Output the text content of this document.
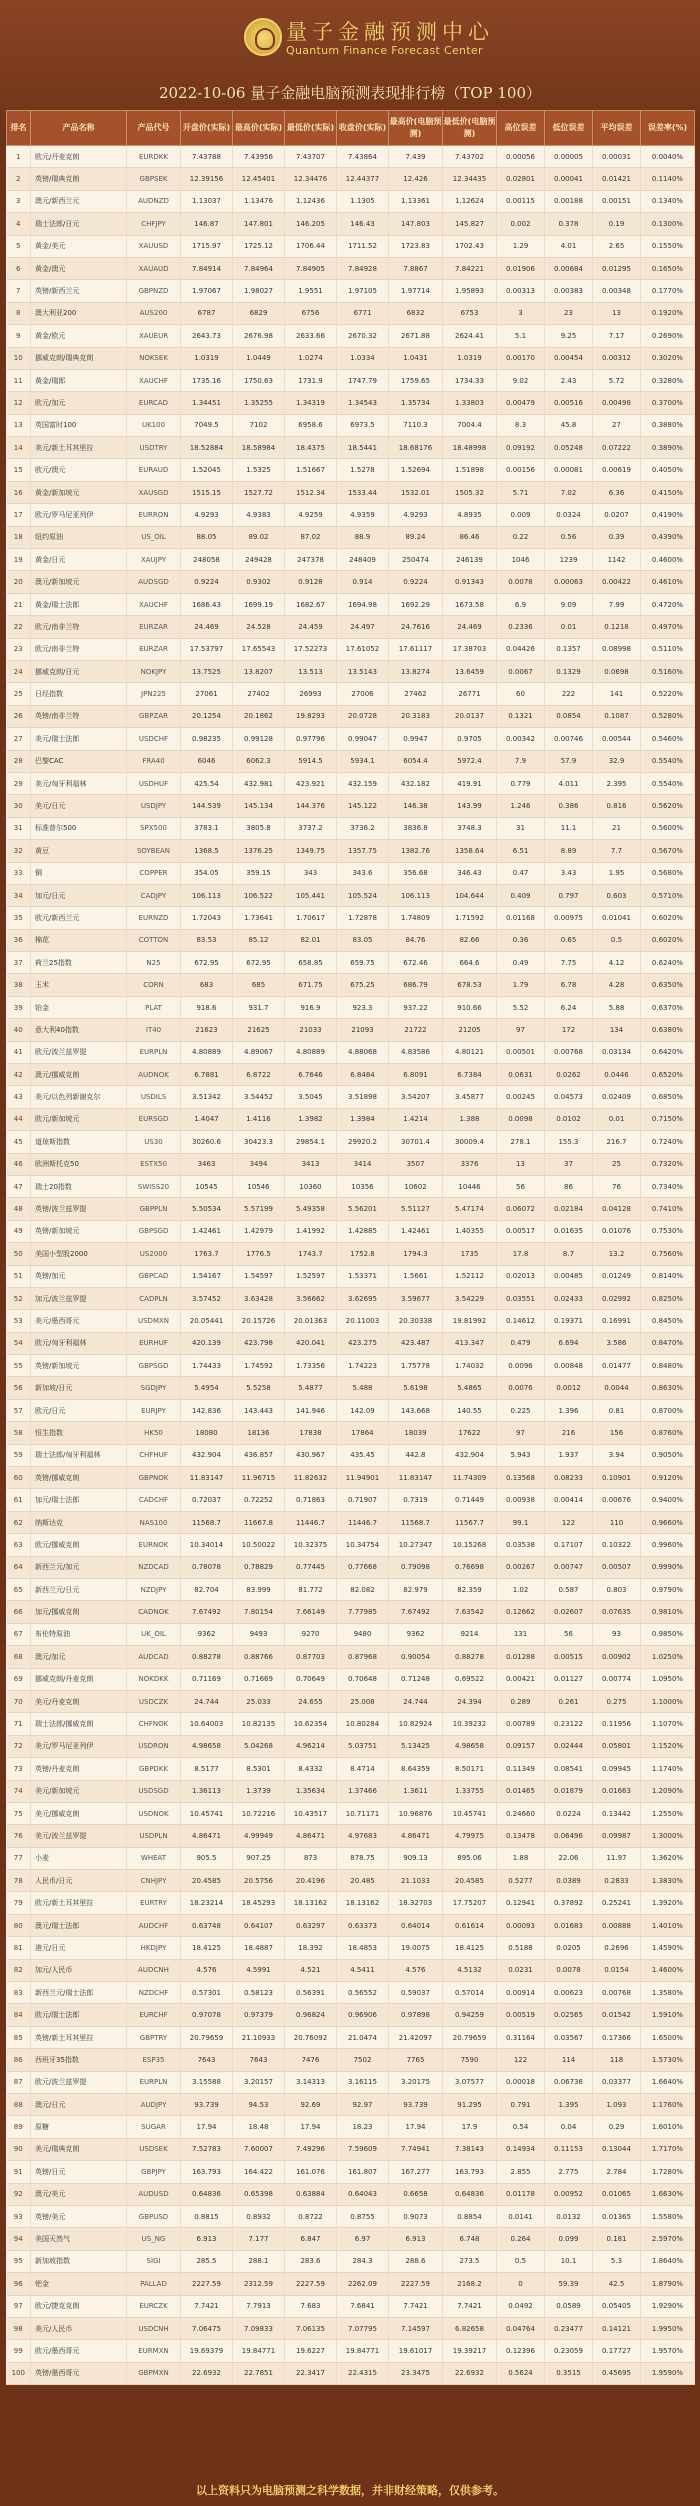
量子金融预测中心
Quantum Finance Forecast Center
2022-10-06 量子金融电脑预测表现排行榜（TOP 100）
排名	产品名称	产品代号	开盘价(实际)	最高价(实际)	最低价(实际)	收盘价(实际)	最高价(电脑预测)	最低价(电脑预测)	高位误差	低位误差	平均误差	误差率(%)
1	欧元/丹麦克朗	EURDKK	7.43788	7.43956	7.43707	7.43864	7.439	7.43702	0.00056	0.00005	0.00031	0.0040%
2	英镑/瑞典克朗	GBPSEK	12.39156	12.45401	12.34476	12.44377	12.426	12.34435	0.02801	0.00041	0.01421	0.1140%
3	澳元/新西兰元	AUDNZD	1.13037	1.13476	1.12436	1.1305	1.13361	1.12624	0.00115	0.00188	0.00151	0.1340%
4	瑞士法郎/日元	CHFJPY	146.87	147.801	146.205	146.43	147.803	145.827	0.002	0.378	0.19	0.1300%
5	黄金/美元	XAUUSD	1715.97	1725.12	1706.44	1711.52	1723.83	1702.43	1.29	4.01	2.65	0.1550%
6	黄金/澳元	XAUAUD	7.84914	7.84964	7.84905	7.84928	7.8867	7.84221	0.01906	0.00684	0.01295	0.1650%
7	英镑/新西兰元	GBPNZD	1.97067	1.98027	1.9551	1.97105	1.97714	1.95893	0.00313	0.00383	0.00348	0.1770%
8	澳大利亚200	AUS200	6787	6829	6756	6771	6832	6753	3	23	13	0.1920%
9	黄金/欧元	XAUEUR	2643.73	2676.98	2633.66	2670.32	2671.88	2624.41	5.1	9.25	7.17	0.2690%
10	挪威克朗/瑞典克朗	NOKSEK	1.0319	1.0449	1.0274	1.0334	1.0431	1.0319	0.00170	0.00454	0.00312	0.3020%
11	黄金/瑞郎	XAUCHF	1735.16	1750.63	1731.9	1747.79	1759.65	1734.33	9.02	2.43	5.72	0.3280%
12	欧元/加元	EURCAD	1.34451	1.35255	1.34319	1.34543	1.35734	1.33803	0.00479	0.00516	0.00498	0.3700%
13	英国富时100	UK100	7049.5	7102	6958.6	6973.5	7110.3	7004.4	8.3	45.8	27	0.3880%
14	美元/新土耳其里拉	USDTRY	18.52884	18.58984	18.4375	18.5441	18.68176	18.48998	0.09192	0.05248	0.07222	0.3890%
15	欧元/澳元	EURAUD	1.52045	1.5325	1.51667	1.5278	1.52694	1.51898	0.00156	0.00081	0.00619	0.4050%
16	黄金/新加坡元	XAUSGD	1515.15	1527.72	1512.34	1533.44	1532.01	1505.32	5.71	7.02	6.36	0.4150%
17	欧元/罗马尼亚列伊	EURRON	4.9293	4.9383	4.9259	4.9359	4.9293	4.8935	0.009	0.0324	0.0207	0.4190%
18	纽约原油	US_OIL	88.05	89.02	87.02	88.9	89.24	86.46	0.22	0.56	0.39	0.4390%
19	黄金/日元	XAUJPY	248058	249428	247378	248409	250474	246139	1046	1239	1142	0.4600%
20	澳元/新加坡元	AUDSGD	0.9224	0.9302	0.9128	0.914	0.9224	0.91343	0.0078	0.00063	0.00422	0.4610%
21	黄金/瑞士法郎	XAUCHF	1686.43	1699.19	1682.67	1694.98	1692.29	1673.58	6.9	9.09	7.99	0.4720%
22	欧元/南非兰特	EURZAR	24.469	24.528	24.459	24.497	24.7616	24.469	0.2336	0.01	0.1218	0.4970%
23	欧元/南非兰特	EURZAR	17.53797	17.65543	17.52273	17.61052	17.61117	17.38703	0.04426	0.1357	0.08998	0.5110%
24	挪威克朗/日元	NOKJPY	13.7525	13.8207	13.513	13.5143	13.8274	13.6459	0.0067	0.1329	0.0698	0.5160%
25	日经指数	JPN225	27061	27402	26993	27006	27462	26771	60	222	141	0.5220%
26	英镑/南非兰特	GBPZAR	20.1254	20.1862	19.8293	20.0728	20.3183	20.0137	0.1321	0.0854	0.1087	0.5280%
27	美元/瑞士法郎	USDCHF	0.98235	0.99128	0.97796	0.99047	0.9947	0.9705	0.00342	0.00746	0.00544	0.5460%
28	巴黎CAC	FRA40	6046	6062.3	5914.5	5934.1	6054.4	5972.4	7.9	57.9	32.9	0.5540%
29	美元/匈牙利福林	USDHUF	425.54	432.981	423.921	432.159	432.182	419.91	0.779	4.011	2.395	0.5540%
30	美元/日元	USDJPY	144.539	145.134	144.376	145.122	146.38	143.99	1.246	0.386	0.816	0.5620%
31	标准普尔500	SPX500	3783.1	3805.8	3737.2	3736.2	3836.8	3748.3	31	11.1	21	0.5600%
32	黄豆	SOYBEAN	1368.5	1376.25	1349.75	1357.75	1382.76	1358.64	6.51	8.89	7.7	0.5670%
33	铜	COPPER	354.05	359.15	343	343.6	356.68	346.43	0.47	3.43	1.95	0.5680%
34	加元/日元	CADJPY	106.113	106.522	105.441	105.524	106.113	104.644	0.409	0.797	0.603	0.5710%
35	欧元/新西兰元	EURNZD	1.72043	1.73641	1.70617	1.72878	1.74809	1.71592	0.01168	0.00975	0.01041	0.6020%
36	棉花	COTTON	83.53	85.12	82.01	83.05	84.76	82.66	0.36	0.65	0.5	0.6020%
37	荷兰25指数	N25	672.95	672.95	658.85	659.75	672.46	664.6	0.49	7.75	4.12	0.6240%
38	玉米	CORN	683	685	671.75	675.25	686.79	678.53	1.79	6.78	4.28	0.6350%
39	铂金	PLAT	918.6	931.7	916.9	923.3	937.22	910.66	5.52	6.24	5.88	0.6370%
40	意大利40指数	IT40	21623	21625	21033	21093	21722	21205	97	172	134	0.6380%
41	欧元/波兰兹罗提	EURPLN	4.80889	4.89067	4.80889	4.88068	4.83586	4.80121	0.00501	0.00768	0.03134	0.6420%
42	澳元/挪威克朗	AUDNOK	6.7881	6.8722	6.7646	6.8484	6.8091	6.7384	0.0631	0.0262	0.0446	0.6520%
43	美元/以色列新谢克尔	USDILS	3.51342	3.54452	3.5045	3.51898	3.54207	3.45877	0.00245	0.04573	0.02409	0.6850%
44	欧元/新加坡元	EURSGD	1.4047	1.4116	1.3982	1.3984	1.4214	1.388	0.0098	0.0102	0.01	0.7150%
45	道琼斯指数	US30	30260.6	30423.3	29854.1	29920.2	30701.4	30009.4	278.1	155.3	216.7	0.7240%
46	欧洲斯托克50	ESTX50	3463	3494	3413	3414	3507	3376	13	37	25	0.7320%
47	瑞士20指数	SWISS20	10545	10546	10360	10356	10602	10446	56	86	76	0.7340%
48	英镑/波兰兹罗提	GBPPLN	5.50534	5.57199	5.49358	5.56201	5.51127	5.47174	0.06072	0.02184	0.04128	0.7410%
49	英镑/新加坡元	GBPSGD	1.42461	1.42979	1.41992	1.42885	1.42461	1.40355	0.00517	0.01635	0.01076	0.7530%
50	美国小型股2000	US2000	1763.7	1776.5	1743.7	1752.8	1794.3	1735	17.8	8.7	13.2	0.7560%
51	英镑/加元	GBPCAD	1.54167	1.54597	1.52597	1.53371	1.5661	1.52112	0.02013	0.00485	0.01249	0.8140%
52	加元/波兰兹罗提	CADPLN	3.57452	3.63428	3.56662	3.62695	3.59677	3.54229	0.03551	0.02433	0.02992	0.8250%
53	美元/墨西哥元	USDMXN	20.05441	20.15726	20.01363	20.11003	20.30338	19.81992	0.14612	0.19371	0.16991	0.8450%
54	欧元/匈牙利福林	EURHUF	420.139	423.798	420.041	423.275	423.487	413.347	0.479	6.694	3.586	0.8470%
55	英镑/新加坡元	GBPSGD	1.74433	1.74592	1.73356	1.74223	1.75778	1.74032	0.0096	0.00848	0.01477	0.8480%
56	新加坡/日元	SGDJPY	5.4954	5.5258	5.4877	5.488	5.6198	5.4865	0.0076	0.0012	0.0044	0.8630%
57	欧元/日元	EURJPY	142.836	143.443	141.946	142.09	143.668	140.55	0.225	1.396	0.81	0.8700%
58	恒生指数	HK50	18080	18136	17838	17864	18039	17622	97	216	156	0.8760%
59	瑞士法郎/匈牙利福林	CHFHUF	432.904	436.857	430.967	435.45	442.8	432.904	5.943	1.937	3.94	0.9050%
60	英镑/挪威克朗	GBPNOK	11.83147	11.96715	11.82632	11.94901	11.83147	11.74309	0.13568	0.08233	0.10901	0.9120%
61	加元/瑞士法郎	CADCHF	0.72037	0.72252	0.71863	0.71907	0.7319	0.71449	0.00938	0.00414	0.00676	0.9400%
62	纳斯达克	NAS100	11568.7	11667.8	11446.7	11446.7	11568.7	11567.7	99.1	122	110	0.9660%
63	欧元/挪威克朗	EURNOK	10.34014	10.50022	10.32375	10.34754	10.27347	10.15268	0.03538	0.17107	0.10322	0.9960%
64	新西兰元/加元	NZDCAD	0.78078	0.78829	0.77445	0.77668	0.79098	0.76698	0.00267	0.00747	0.00507	0.9990%
65	新西兰元/日元	NZDJPY	82.704	83.999	81.772	82.082	82.979	82.359	1.02	0.587	0.803	0.9790%
66	加元/挪威克朗	CADNOK	7.67492	7.80154	7.66149	7.77985	7.67492	7.63542	0.12662	0.02607	0.07635	0.9810%
67	布伦特原油	UK_OIL	9362	9493	9270	9480	9362	9214	131	56	93	0.9850%
68	澳元/加元	AUDCAD	0.88278	0.88766	0.87703	0.87968	0.90054	0.88278	0.01288	0.00515	0.00902	1.0250%
69	挪威克朗/丹麦克朗	NOKDKK	0.71169	0.71669	0.70649	0.70648	0.71248	0.69522	0.00421	0.01127	0.00774	1.0950%
70	美元/丹麦克朗	USDCZK	24.744	25.033	24.655	25.008	24.744	24.394	0.289	0.261	0.275	1.1000%
71	瑞士法郎/挪威克朗	CHFNOK	10.64003	10.82135	10.62354	10.80284	10.82924	10.39232	0.00789	0.23122	0.11956	1.1070%
72	美元/罗马尼亚列伊	USDRON	4.98658	5.04268	4.96214	5.03751	5.13425	4.98658	0.09157	0.02444	0.05801	1.1520%
73	英镑/丹麦克朗	GBPDKK	8.5177	8.5301	8.4332	8.4714	8.64359	8.50171	0.11349	0.08541	0.09945	1.1740%
74	美元/新加坡元	USDSGD	1.36113	1.3739	1.35634	1.37466	1.3611	1.33755	0.01465	0.01879	0.01663	1.2090%
75	美元/挪威克朗	USDNOK	10.45741	10.72216	10.43517	10.71171	10.96876	10.45741	0.24660	0.0224	0.13442	1.2550%
76	美元/波兰兹罗提	USDPLN	4.86471	4.99949	4.86471	4.97683	4.86471	4.79975	0.13478	0.06496	0.09987	1.3000%
77	小麦	WHEAT	905.5	907.25	873	878.75	909.13	895.06	1.88	22.06	11.97	1.3620%
78	人民币/日元	CNHJPY	20.4585	20.5756	20.4196	20.485	21.1033	20.4585	0.5277	0.0389	0.2833	1.3830%
79	欧元/新土耳其里拉	EURTRY	18.23214	18.45293	18.13162	18.13162	18.32703	17.75207	0.12941	0.37892	0.25241	1.3920%
80	澳元/瑞士法郎	AUDCHF	0.63748	0.64107	0.63297	0.63373	0.64014	0.61614	0.00093	0.01683	0.00888	1.4010%
81	港元/日元	HKDJPY	18.4125	18.4887	18.392	18.4853	19.0075	18.4125	0.5188	0.0205	0.2696	1.4590%
82	加元/人民币	AUDCNH	4.576	4.5991	4.521	4.5411	4.576	4.5132	0.0231	0.0078	0.0154	1.4600%
83	新西兰元/瑞士法郎	NZDCHF	0.57301	0.58123	0.56391	0.56552	0.59037	0.57014	0.00914	0.00623	0.00768	1.3580%
84	欧元/瑞士法郎	EURCHF	0.97078	0.97379	0.96824	0.96906	0.97898	0.94259	0.00519	0.02565	0.01542	1.5910%
85	英镑/新土耳其里拉	GBPTRY	20.79659	21.10933	20.76092	21.0474	21.42097	20.79659	0.31164	0.03567	0.17366	1.6500%
86	西班牙35指数	ESP35	7643	7643	7476	7502	7765	7590	122	114	118	1.5730%
87	欧元/波兰兹罗提	EURPLN	3.15588	3.20157	3.14313	3.16115	3.20175	3.07577	0.00018	0.06736	0.03377	1.6640%
88	澳元/日元	AUDJPY	93.739	94.53	92.69	92.97	93.739	91.295	0.791	1.395	1.093	1.1760%
89	原糖	SUGAR	17.94	18.48	17.94	18.23	17.94	17.9	0.54	0.04	0.29	1.6010%
90	美元/瑞典克朗	USDSEK	7.52783	7.60007	7.49296	7.59609	7.74941	7.38143	0.14934	0.11153	0.13044	1.7170%
91	英镑/日元	GBPJPY	163.793	164.422	161.076	161.807	167.277	163.793	2.855	2.775	2.784	1.7280%
92	澳元/美元	AUDUSD	0.64836	0.65398	0.63884	0.64043	0.6658	0.64836	0.01178	0.00952	0.01065	1.6630%
93	英镑/美元	GBPUSD	0.8815	0.8932	0.8722	0.8755	0.9073	0.8854	0.0141	0.0132	0.01365	1.5580%
94	美国天然气	US_NG	6.913	7.177	6.847	6.97	6.913	6.748	0.264	0.099	0.181	2.5970%
95	新加坡指数	SIGI	285.5	288.1	283.6	284.3	288.6	273.5	0.5	10.1	5.3	1.8640%
96	钯金	PALLAD	2227.59	2312.59	2227.59	2262.09	2227.59	2168.2	0	59.39	42.5	1.8790%
97	欧元/捷克克朗	EURCZK	7.7421	7.7913	7.683	7.6841	7.7421	7.7421	0.0492	0.0589	0.05405	1.9290%
98	美元/人民币	USDCNH	7.06475	7.09833	7.06135	7.07795	7.14597	6.82658	0.04764	0.23477	0.14121	1.9950%
99	欧元/墨西哥元	EURMXN	19.69379	19.84771	19.6227	19.84771	19.61017	19.39217	0.12396	0.23059	0.17727	1.9570%
100	英镑/墨西哥元	GBPMXN	22.6932	22.7851	22.3417	22.4315	23.3475	22.6932	0.5624	0.3515	0.45695	1.9590%
以上资料只为电脑预测之科学数据，并非财经策略，仅供参考。
